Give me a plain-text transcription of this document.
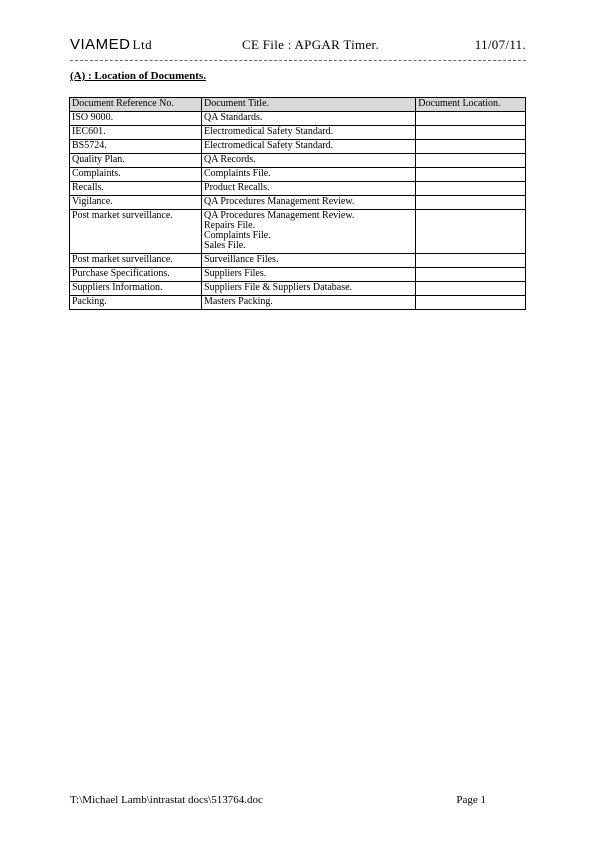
VIAMED Ltd	CE File : APGAR Timer.	11/07/11.
(A) : Location of Documents.
Document Reference No.	Document Title.	Document Location.
ISO 9000.	QA Standards.	
IEC601.	Electromedical Safety Standard.	
BS5724.	Electromedical Safety Standard.	
Quality Plan.	QA Records.	
Complaints.	Complaints File.	
Recalls.	Product Recalls.	
Vigilance.	QA Procedures Management Review.	
Post market surveillance.	QA Procedures Management Review.
Repairs File.
Complaints File.
Sales File.	
Post market surveillance.	Surveillance Files.	
Purchase Specifications.	Suppliers Files.	
Suppliers Information.	Suppliers File & Suppliers Database.	
Packing.	Masters Packing.	
T:\Michael Lamb\intrastat docs\513764.doc	Page 1
